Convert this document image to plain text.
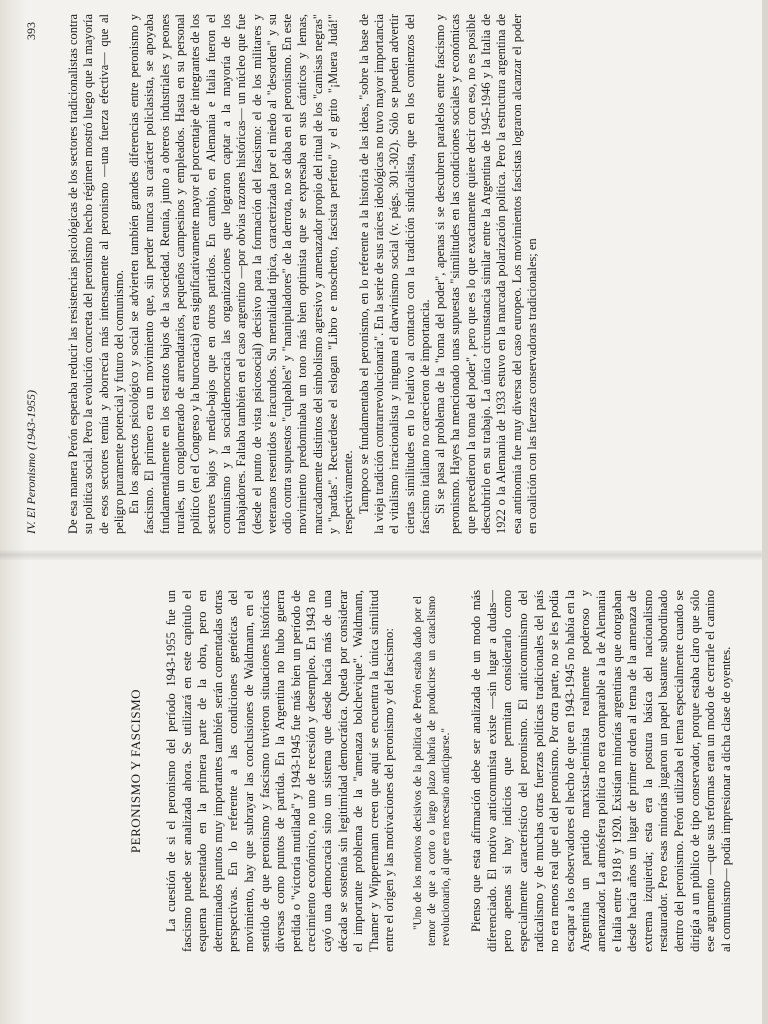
PERONISMO Y FASCISMO La cuestión de si el peronismo del período 1943-1955 fue un fascismo puede ser analizada ahora. Se utilizará en este capítulo el esquema presentado en la primera parte de la obra, pero en determinados puntos muy importantes también serán comentadas otras perspectivas. En lo referente a las condiciones genéticas del movimiento, hay que subrayar las conclusiones de Waldmann, en el sentido de que peronismo y fascismo tuvieron situaciones históricas diversas como puntos de partida. En la Argentina no hubo guerra perdida o "victoria mutilada" y 1943-1945 fue más bien un período de crecimiento económico, no uno de recesión y desempleo. En 1943 no cayó una democracia sino un sistema que desde hacía más de una década se sostenía sin legitimidad democrática. Queda por considerar el importante problema de la "amenaza bolchevique". Waldmann, Thamer y Wippermann creen que aquí se encuentra la única similitud entre el origen y las motivaciones del peronismo y del fascismo: "Uno de los motivos decisivos de la política de Perón estaba dado por el temor de que a corto o largo plazo habría de producirse un cataclismo revolucionario, al que era necesario anticiparse." Pienso que esta afirmación debe ser analizada de un modo más diferenciado. El motivo anticomunista existe —sin lugar a dudas— pero apenas si hay indicios que permitan considerarlo como especialmente característico del peronismo. El anticomunismo del radicalismo y de muchas otras fuerzas políticas tradicionales del país no era menos real que el del peronismo. Por otra parte, no se les podía escapar a los observadores el hecho de que en 1943-1945 no había en la Argentina un partido marxista-leninista realmente poderoso y amenazador. La atmósfera política no era comparable a la de Alemania e Italia entre 1918 y 1920. Existían minorías argentinas que otorgaban desde hacía años un lugar de primer orden al tema de la amenaza de extrema izquierda; esta era la postura básica del nacionalismo restaurador. Pero esas minorías jugaron un papel bastante subordinado dentro del peronismo. Perón utilizaba el tema especialmente cuando se dirigía a un público de tipo conservador, porque estaba claro que sólo ese argumento —que sus reformas eran un modo de cerrarle el camino al comunismo— podía impresionar a dicha clase de oyentes.

IV. El Peronismo (1943-1955)
393 De esa manera Perón esperaba reducir las resistencias psicológicas de los sectores tradicionalistas contra su política social. Pero la evolución concreta del peronismo hecho régimen mostró luego que la mayoría de esos sectores temía y aborrecía más intensamente al peronismo —una fuerza efectiva— que al peligro puramente potencial y futuro del comunismo. En los aspectos psicológico y social se advierten también grandes diferencias entre peronismo y fascismo. El primero era un movimiento que, sin perder nunca su carácter policlasista, se apoyaba fundamentalmente en los estratos bajos de la sociedad. Reunía, junto a obreros industriales y peones rurales, un conglomerado de arrendatarios, pequeños campesinos y empleados. Hasta en su personal político (en el Congreso y la burocracia) era significativamente mayor el porcentaje de integrantes de los sectores bajos y medio-bajos que en otros partidos. En cambio, en Alemania e Italia fueron el comunismo y la socialdemocracia las organizaciones que lograron captar a la mayoría de los trabajadores. Faltaba también en el caso argentino —por obvias razones históricas— un núcleo que fue (desde el punto de vista psicosocial) decisivo para la formación del fascismo: el de los militares y veteranos resentidos e iracundos. Su mentalidad típica, caracterizada por el miedo al "desorden" y su odio contra supuestos "culpables" y "manipuladores" de la derrota, no se daba en el peronismo. En este movimiento predominaba un tono más bien optimista que se expresaba en sus cánticos y lemas, marcadamente distintos del simbolismo agresivo y amenazador propio del ritual de los "camisas negras" y "pardas". Recuérdese el eslogan "Libro e moschetto, fascista perfetto" y el grito "¡Muera Judá!" respectivamente. Tampoco se fundamentaba el peronismo, en lo referente a la historia de las ideas, "sobre la base de la vieja tradición contrarrevolucionaria". En la serie de sus raíces ideológicas no tuvo mayor importancia el vitalismo irracionalista y ninguna el darwinismo social (v. págs. 301-302). Sólo se pueden advertir ciertas similitudes en lo relativo al contacto con la tradición sindicalista, que en los comienzos del fascismo italiano no carecieron de importancia. Si se pasa al problema de la "toma del poder", apenas si se descubren paralelos entre fascismo y peronismo. Hayes ha mencionado unas supuestas "similitudes en las condiciones sociales y económicas que precedieron la toma del poder", pero que es lo que exactamente quiere decir con eso, no es posible descubrirlo en su trabajo. La única circunstancia similar entre la Argentina de 1945-1946 y la Italia de 1922 o la Alemania de 1933 estuvo en la marcada polarización política. Pero la estructura argentina de esa antinomia fue muy diversa del caso europeo. Los movimientos fascistas lograron alcanzar el poder en coalición con las fuerzas conservadoras tradicionales; en
